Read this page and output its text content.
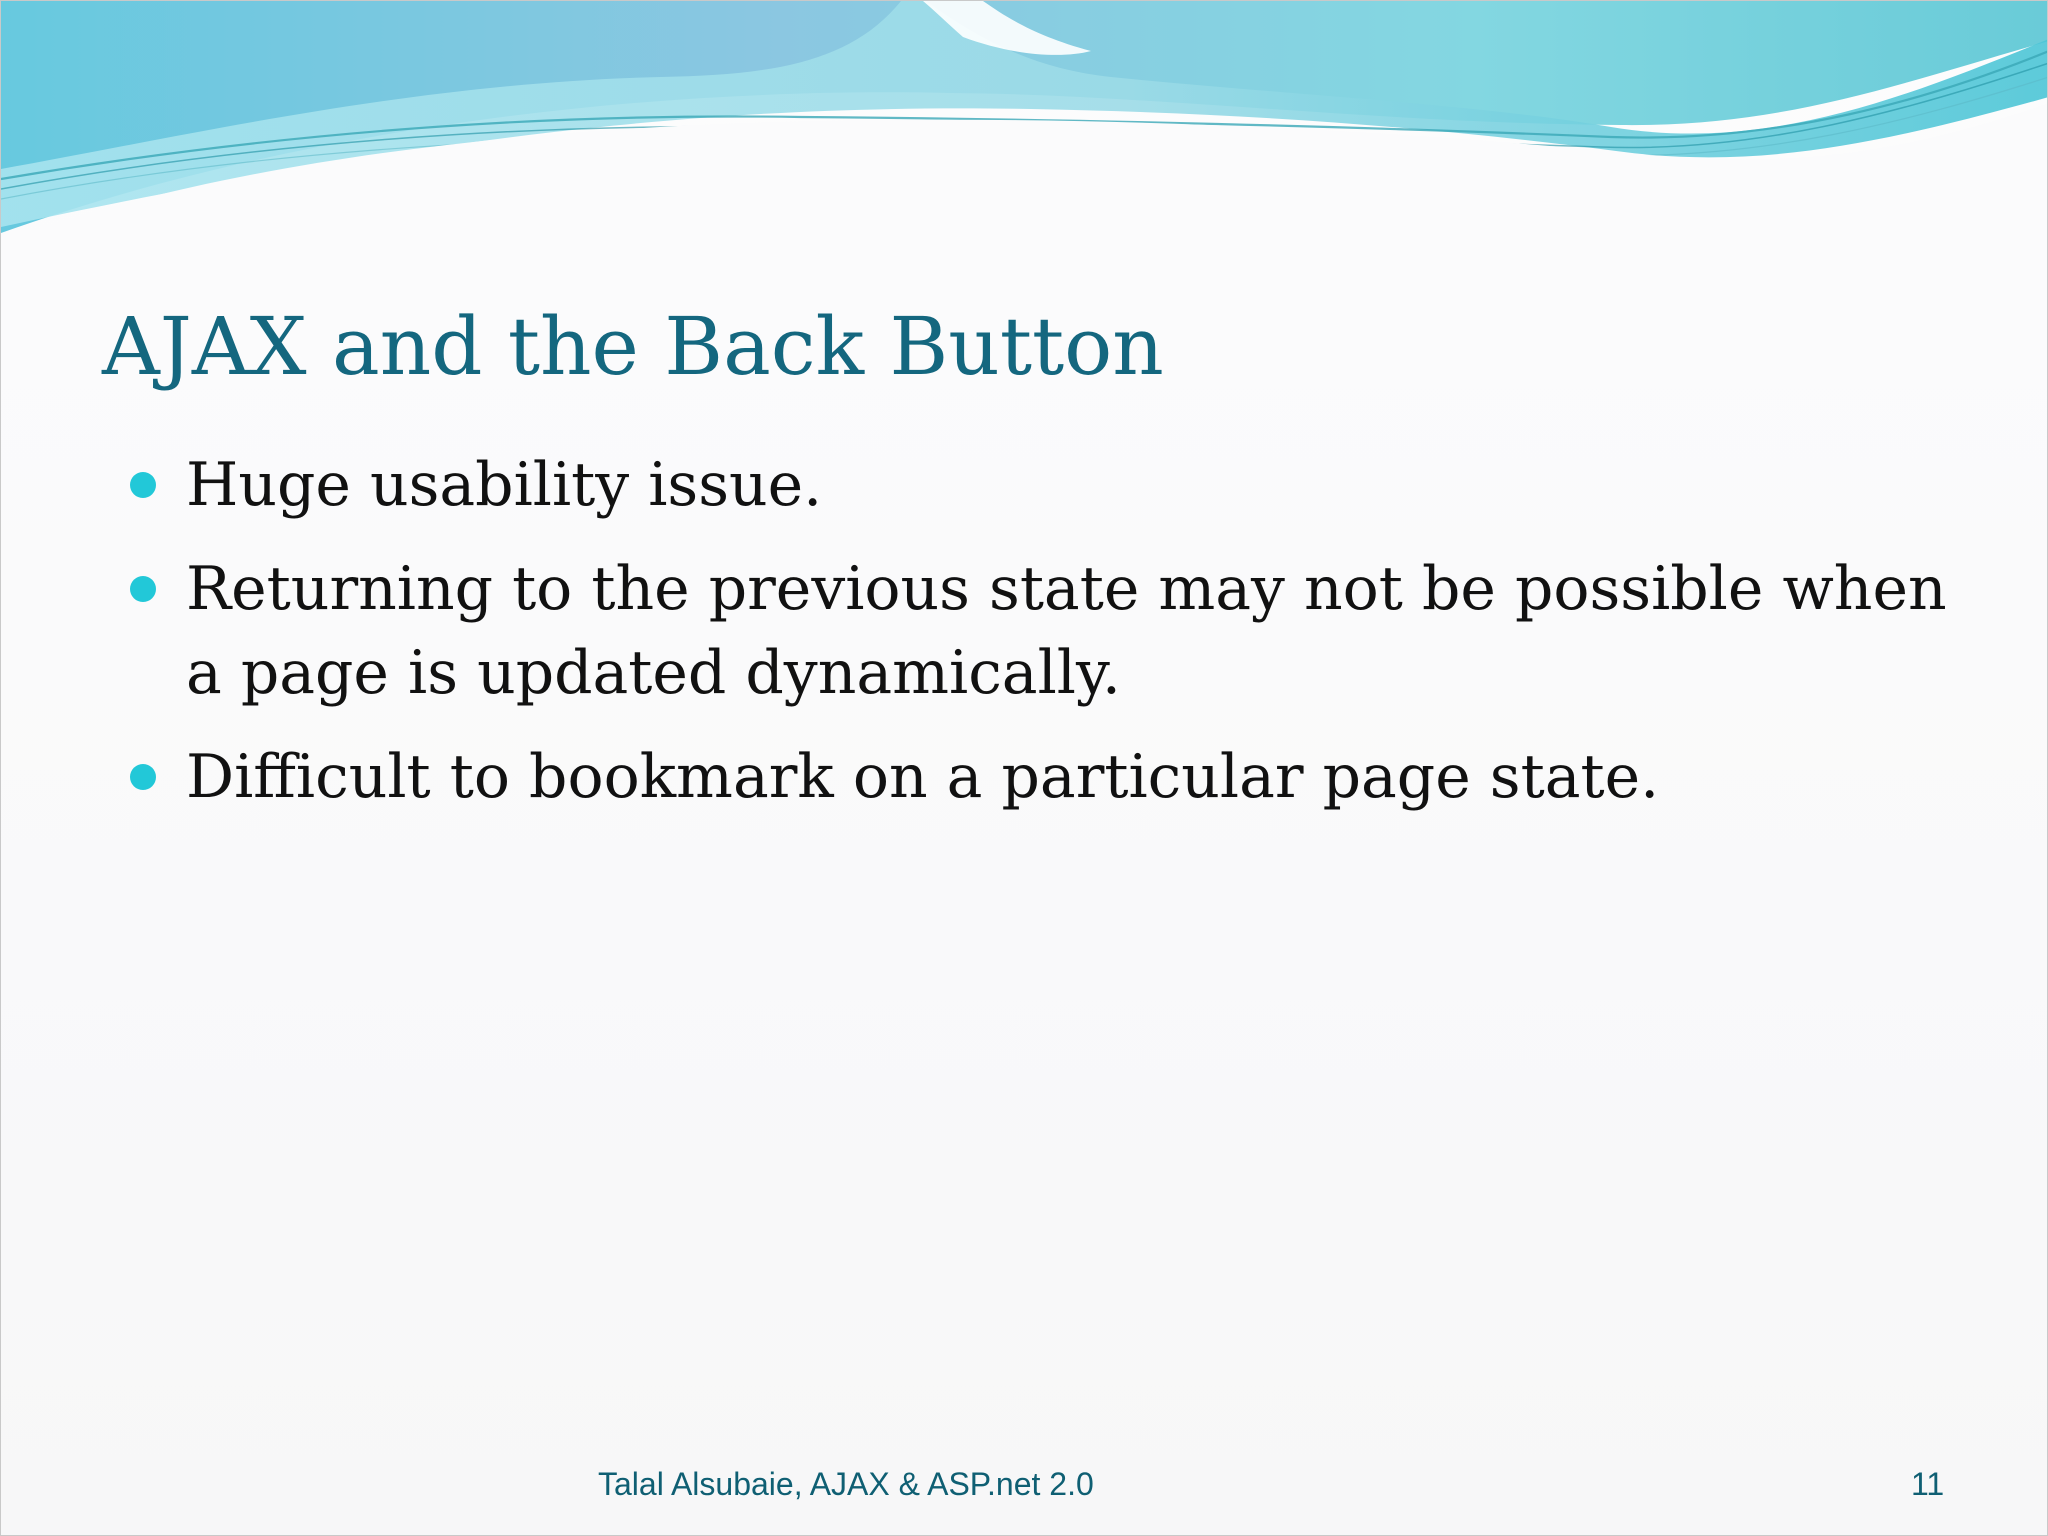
AJAX and the Back Button
Huge usability issue.
Returning to the previous state may not be possible when a page is updated dynamically.
Difficult to bookmark on a particular page state.
Talal Alsubaie, AJAX & ASP.net 2.0	11
